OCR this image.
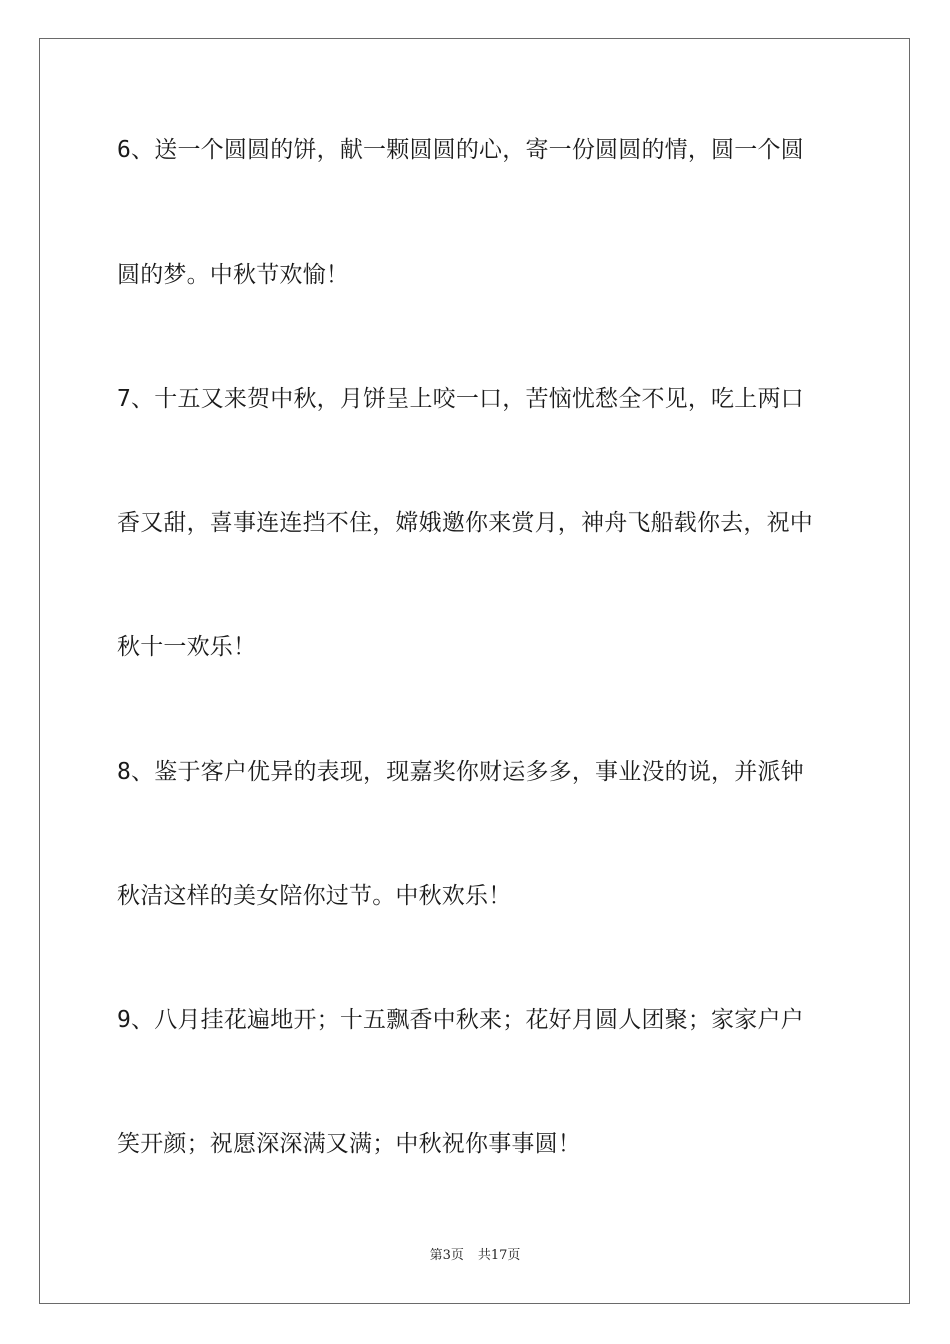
6、送一个圆圆的饼，献一颗圆圆的心，寄一份圆圆的情，圆一个圆
圆的梦。中秋节欢愉！
7、十五又来贺中秋，月饼呈上咬一口，苦恼忧愁全不见，吃上两口
香又甜，喜事连连挡不住，嫦娥邀你来赏月，神舟飞船载你去，祝中
秋十一欢乐！
8、鉴于客户优异的表现，现嘉奖你财运多多，事业没的说，并派钟
秋洁这样的美女陪你过节。中秋欢乐！
9、八月挂花遍地开；十五飘香中秋来；花好月圆人团聚；家家户户
笑开颜；祝愿深深满又满；中秋祝你事事圆！
第3页 共17页
